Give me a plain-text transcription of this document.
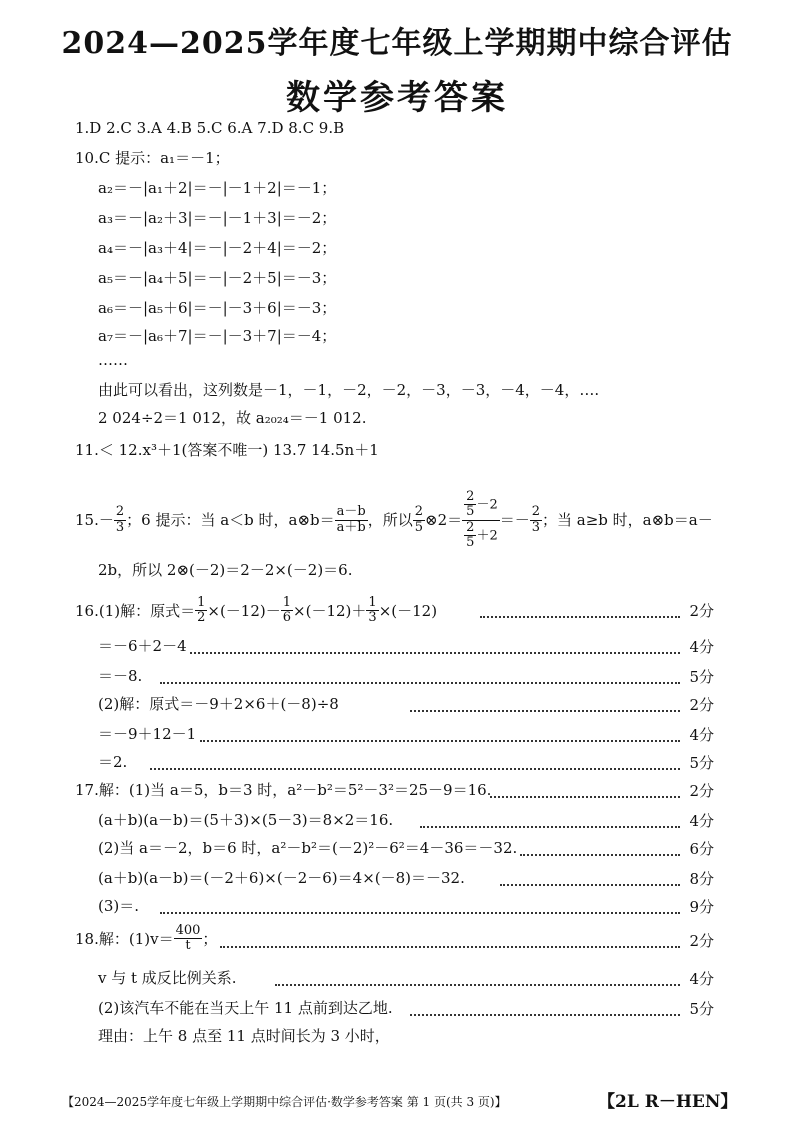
2024—2025学年度七年级上学期期中综合评估
数学参考答案
1.D 2.C 3.A 4.B 5.C 6.A 7.D 8.C 9.B
10.C 提示：a₁＝－1；
a₂＝－|a₁＋2|＝－|－1＋2|＝－1；
a₃＝－|a₂＋3|＝－|－1＋3|＝－2；
a₄＝－|a₃＋4|＝－|－2＋4|＝－2；
a₅＝－|a₄＋5|＝－|－2＋5|＝－3；
a₆＝－|a₅＋6|＝－|－3＋6|＝－3；
a₇＝－|a₆＋7|＝－|－3＋7|＝－4；
……
由此可以看出，这列数是－1，－1，－2，－2，－3，－3，－4，－4，….
2 024÷2＝1 012，故 a₂₀₂₄＝－1 012.
11.＜ 12.x³＋1(答案不唯一) 13.7 14.5n＋1
$15.- \frac{2}{3}$ ；6 提示：当 a＜b 时，a⊗b＝ $\frac{a-b}{a+b}$ ，所以 $\frac{2}{5}$ ⊗2＝ $\frac{\frac{2}{5} -2}{\frac{2}{5} +2} =- \frac{2}{3}$ ；当 a≥b 时，a⊗b＝a－
2b，所以 2⊗(－2)＝2－2×(－2)＝6.
16.(1)解：原式＝ $\frac{1}{2} \times(-12)- \frac{1}{6} \times(-12)+ \frac{1}{3} \times(-12)$	2分
＝－6＋2－4	4分
＝－8.	5分
(2)解：原式＝－9＋2×6＋(－8)÷8	2分
＝－9＋12－1	4分
＝2.	5分
17.解：(1)当 a＝5，b＝3 时，a²－b²＝5²－3²＝25－9＝16.	2分
(a＋b)(a－b)＝(5＋3)×(5－3)＝8×2＝16.	4分
(2)当 a＝－2，b＝6 时，a²－b²＝(－2)²－6²＝4－36＝－32.	6分
(a＋b)(a－b)＝(－2＋6)×(－2－6)＝4×(－8)＝－32.	8分
(3)＝.	9分
18.解：$(1)v= \frac{400}{t}$ ；	2分
v 与 t 成反比例关系.	4分
(2)该汽车不能在当天上午 11 点前到达乙地.	5分
理由：上午 8 点至 11 点时间长为 3 小时，
【2024—2025学年度七年级上学期期中综合评估·数学参考答案 第 1 页(共 3 页)】	【2L R－HEN】
